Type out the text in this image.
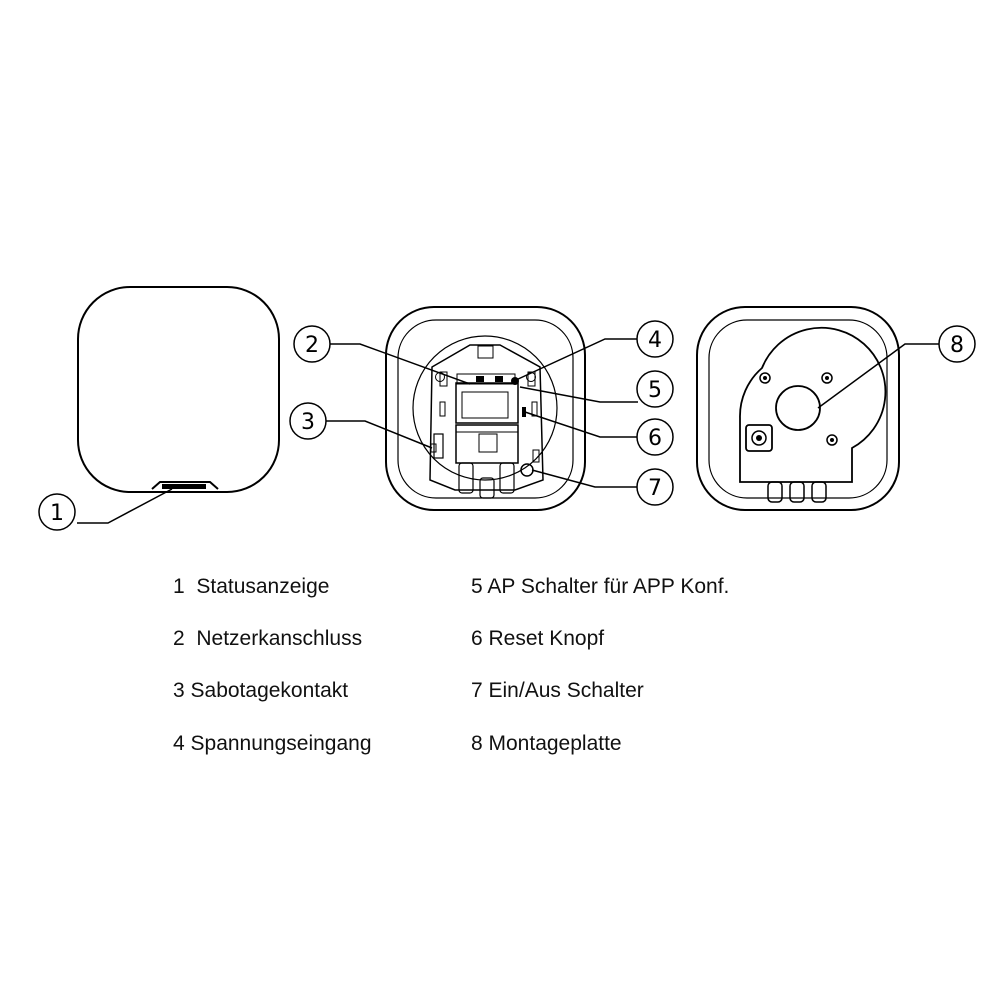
1
2
3
4
5
6
7
8
1  Statusanzeige
2  Netzerkanschluss
3 Sabotagekontakt
4 Spannungseingang
5 AP Schalter für APP Konf.
6 Reset Knopf
7 Ein/Aus Schalter
8 Montageplatte
